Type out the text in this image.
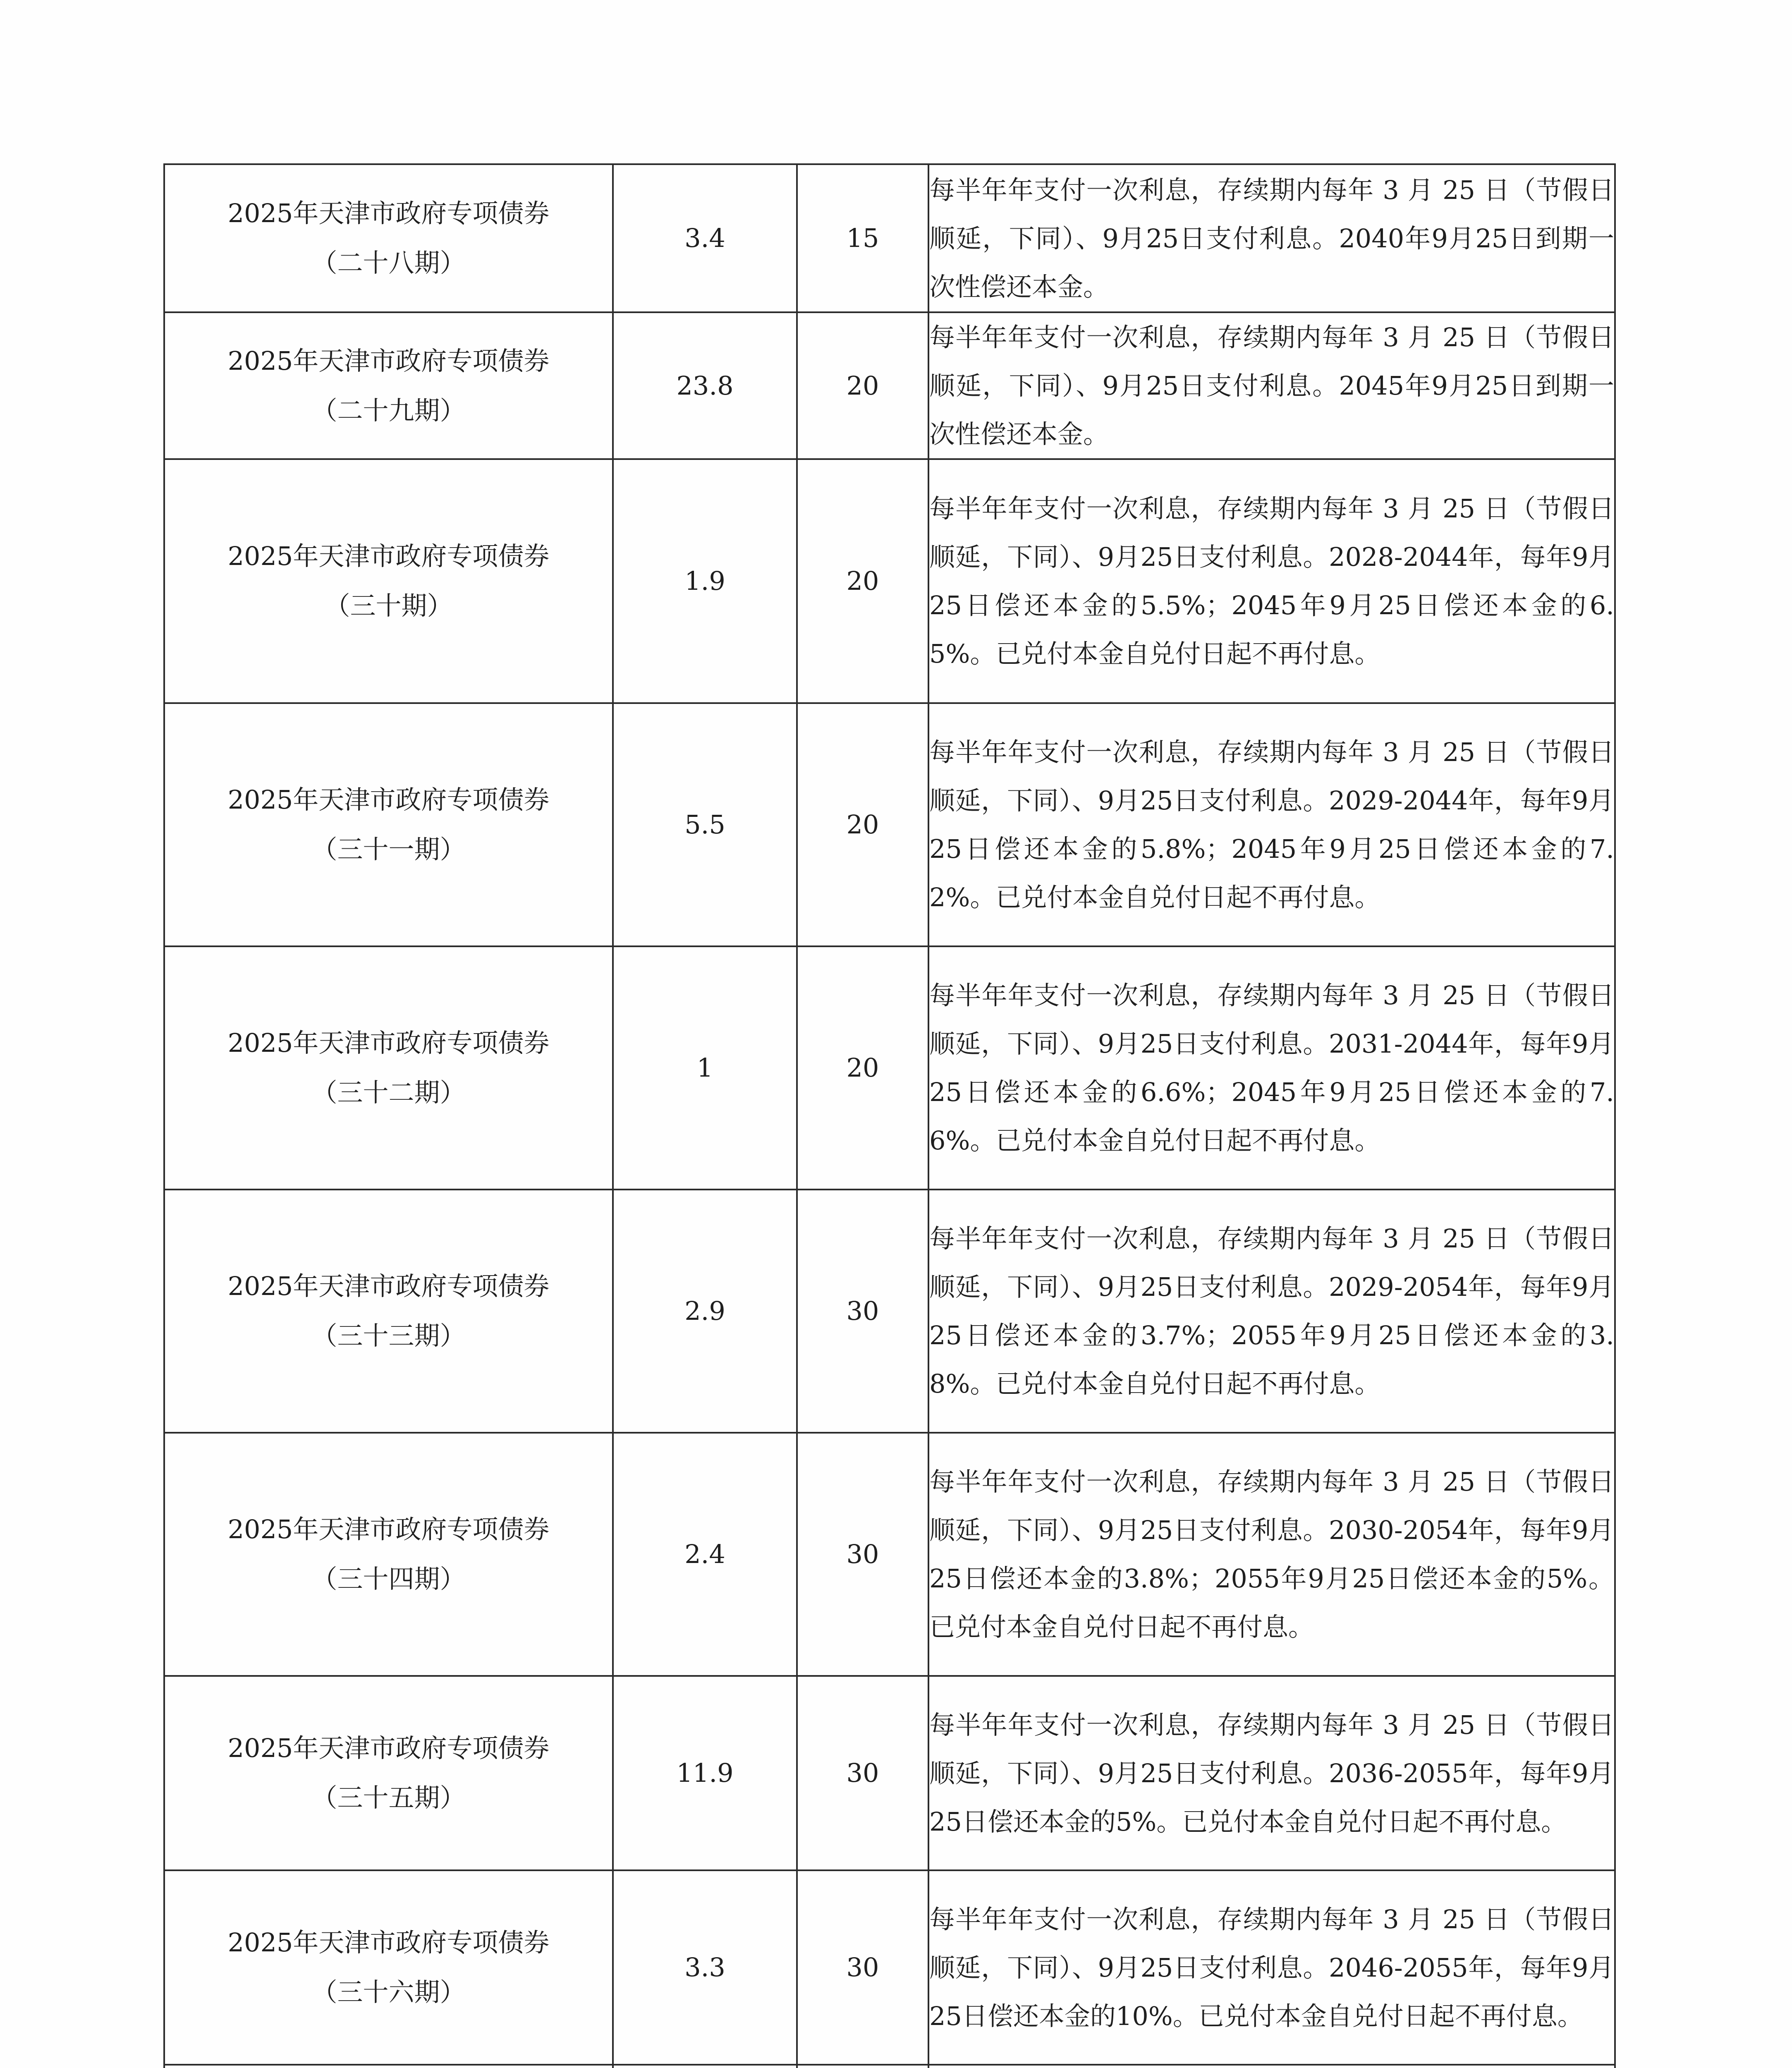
2025年天津市政府专项债券
（二十八期）	3.4	15	每半年年支付一次利息，存续期内每年 3 月 25 日（节假日顺延，下同）、9月25日支付利息。2040年9月25日到期一次性偿还本金。

2025年天津市政府专项债券
（二十九期）	23.8	20	每半年年支付一次利息，存续期内每年 3 月 25 日（节假日顺延，下同）、9月25日支付利息。2045年9月25日到期一次性偿还本金。

2025年天津市政府专项债券
（三十期）	1.9	20	每半年年支付一次利息，存续期内每年 3 月 25 日（节假日顺延，下同）、9月25日支付利息。2028-2044年，每年9月25日偿还本金的5.5%；2045年9月25日偿还本金的6.5%。已兑付本金自兑付日起不再付息。

2025年天津市政府专项债券
（三十一期）	5.5	20	每半年年支付一次利息，存续期内每年 3 月 25 日（节假日顺延，下同）、9月25日支付利息。2029-2044年，每年9月25日偿还本金的5.8%；2045年9月25日偿还本金的7.2%。已兑付本金自兑付日起不再付息。

2025年天津市政府专项债券
（三十二期）	1	20	每半年年支付一次利息，存续期内每年 3 月 25 日（节假日顺延，下同）、9月25日支付利息。2031-2044年，每年9月25日偿还本金的6.6%；2045年9月25日偿还本金的7.6%。已兑付本金自兑付日起不再付息。

2025年天津市政府专项债券
（三十三期）	2.9	30	每半年年支付一次利息，存续期内每年 3 月 25 日（节假日顺延，下同）、9月25日支付利息。2029-2054年，每年9月25日偿还本金的3.7%；2055年9月25日偿还本金的3.8%。已兑付本金自兑付日起不再付息。

2025年天津市政府专项债券
（三十四期）	2.4	30	每半年年支付一次利息，存续期内每年 3 月 25 日（节假日顺延，下同）、9月25日支付利息。2030-2054年，每年9月25日偿还本金的3.8%；2055年9月25日偿还本金的5%。已兑付本金自兑付日起不再付息。

2025年天津市政府专项债券
（三十五期）	11.9	30	每半年年支付一次利息，存续期内每年 3 月 25 日（节假日顺延，下同）、9月25日支付利息。2036-2055年，每年9月25日偿还本金的5%。已兑付本金自兑付日起不再付息。

2025年天津市政府专项债券
（三十六期）	3.3	30	每半年年支付一次利息，存续期内每年 3 月 25 日（节假日顺延，下同）、9月25日支付利息。2046-2055年，每年9月25日偿还本金的10%。已兑付本金自兑付日起不再付息。
